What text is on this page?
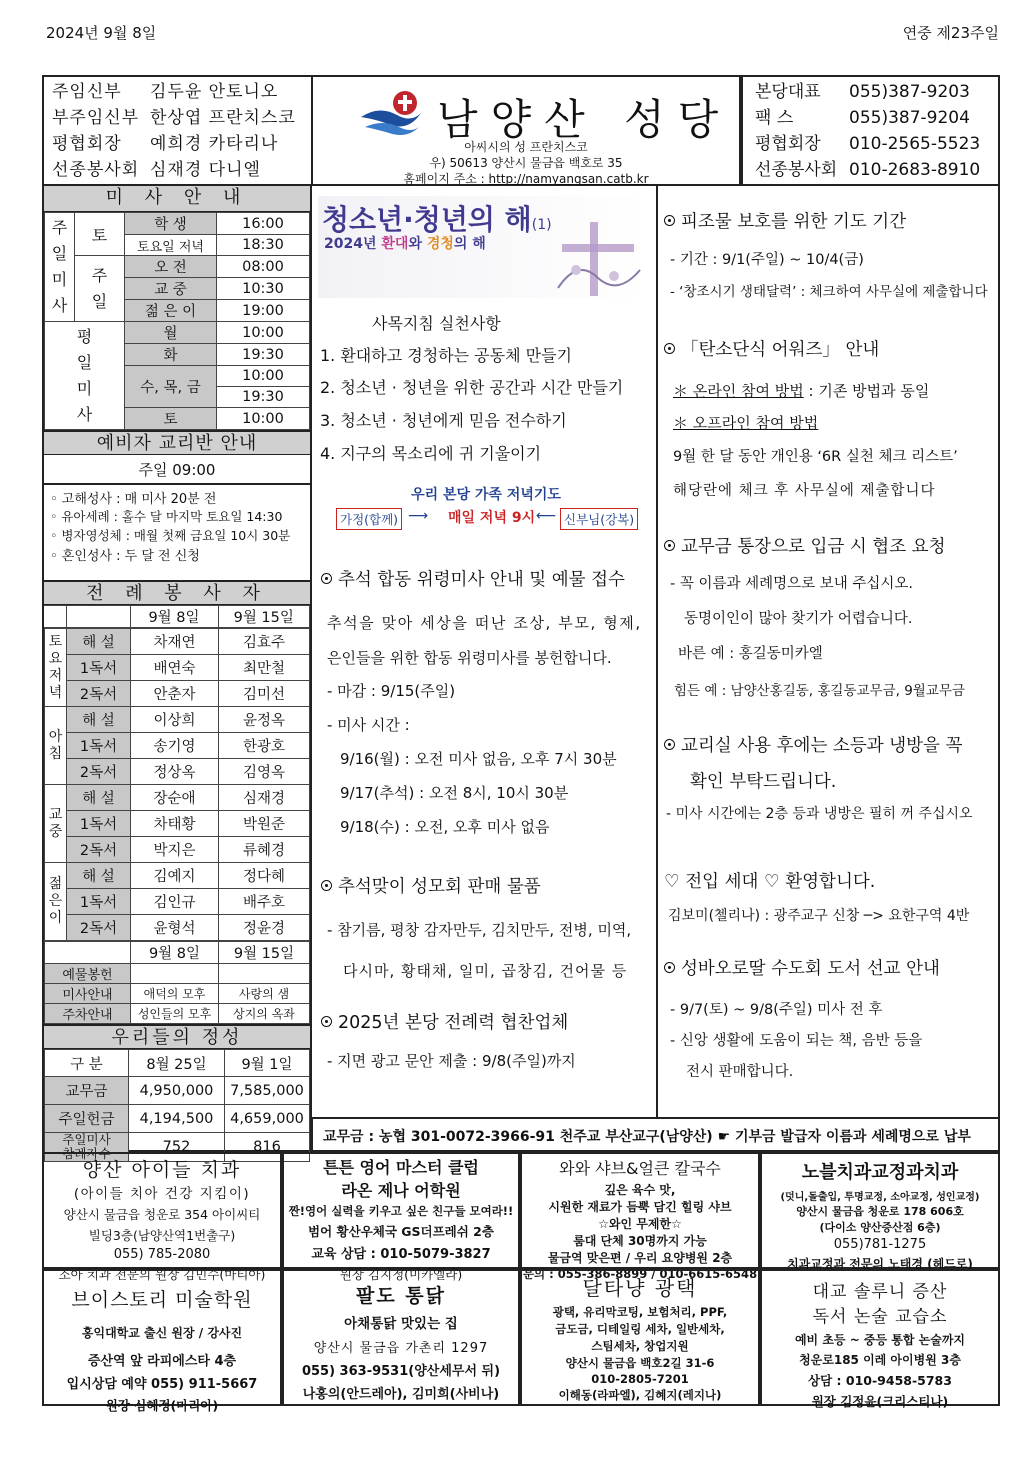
2024년 9월 8일	연중 제23주일
주임신부 김두윤 안토니오
부주임신부 한상엽 프란치스코
평협회장 예희경 카타리나
선종봉사회 심재경 다니엘
남양산 성당
아씨시의 성 프란치스코
우) 50613 양산시 물금읍 백호로 35
홈페이지 주소 : http://namyangsan.catb.kr
본당대표 055)387-9203
팩 스	055)387-9204
평협회장 010-2565-5523
선종봉사회 010-2683-8910
미 사 안 내
주일미사	토	학 생	16:00
		토요일 저녁	18:30
	주일	오 전	08:00
		교 중	10:30
		젊 은 이	19:00
평 일 미 사		월	10:00
		화	19:30
		수, 목, 금	10:00
			19:30
		토	10:00
예비자 교리반 안내
주일 09:00
◦ 고해성사 : 매 미사 20분 전
◦ 유아세례 : 홀수 달 마지막 토요일 14:30
◦ 병자영성체 : 매월 첫째 금요일 10시 30분
◦ 혼인성사 : 두 달 전 신청
전 례 봉 사 자
		9월 8일	9월 15일
토요저녁	해 설	차재연	김효주
	1독서	배연숙	최만철
	2독서	안춘자	김미선
아침	해 설	이상희	윤정옥
	1독서	송기영	한광호
	2독서	정상옥	김영옥
교중	해 설	장순애	심재경
	1독서	차태황	박원준
	2독서	박지은	류혜경
젊은이	해 설	김예지	정다혜
	1독서	김인규	배주호
	2독서	윤형석	정윤경
	9월 8일	9월 15일
예물봉헌		
미사안내	애덕의 모후	사랑의 샘
주차안내	성인들의 모후	상지의 옥좌
우리들의 정성
구 분	8월 25일	9월 1일
교무금	4,950,000	7,585,000
주일헌금	4,194,500	4,659,000
주일미사 참례자수	752	816
청소년·청년의 해(1)
2024년 환대와 경청의 해
사목지침 실천사항
1. 환대하고 경청하는 공동체 만들기
2. 청소년 · 청년을 위한 공간과 시간 만들기
3. 청소년 · 청년에게 믿음 전수하기
4. 지구의 목소리에 귀 기울이기
우리 본당 가족 저녁기도
가정(합께) ⟶ 매일 저녁 9시 ⟵ 신부님(강복)
추석 합동 위령미사 안내 및 예물 접수
추석을 맞아 세상을 떠난 조상, 부모, 형제,
은인들을 위한 합동 위령미사를 봉헌합니다.
- 마감 : 9/15(주일)
- 미사 시간 :
9/16(월) : 오전 미사 없음, 오후 7시 30분
9/17(추석) : 오전 8시, 10시 30분
9/18(수) : 오전, 오후 미사 없음
추석맞이 성모회 판매 물품
- 참기름, 평창 감자만두, 김치만두, 전병, 미역,
다시마, 황태채, 일미, 곱창김, 건어물 등
2025년 본당 전례력 협찬업체
- 지면 광고 문안 제출 : 9/8(주일)까지
피조물 보호를 위한 기도 기간
- 기간 : 9/1(주일) ~ 10/4(금)
- ‘창조시기 생태달력’ : 체크하여 사무실에 제출합니다
「탄소단식 어워즈」 안내
＊ 온라인 참여 방법 : 기존 방법과 동일
＊ 오프라인 참여 방법
9월 한 달 동안 개인용 ‘6R 실천 체크 리스트’
해당란에 체크 후 사무실에 제출합니다
교무금 통장으로 입금 시 협조 요청
- 꼭 이름과 세례명으로 보내 주십시오.
동명이인이 많아 찾기가 어렵습니다.
바른 예 : 홍길동미카엘
힘든 예 : 남양산홍길동, 홍길동교무금, 9월교무금
교리실 사용 후에는 소등과 냉방을 꼭
확인 부탁드립니다.
- 미사 시간에는 2층 등과 냉방은 필히 꺼 주십시오
♡ 전입 세대 ♡ 환영합니다.
김보미(첼리나) : 광주교구 신창 ─> 요한구역 4반
성바오로딸 수도회 도서 선교 안내
- 9/7(토) ~ 9/8(주일) 미사 전 후
- 신앙 생활에 도움이 되는 책, 음반 등을
전시 판매합니다.
교무금 : 농협 301-0072-3966-91 천주교 부산교구(남양산) ☛ 기부금 발급자 이름과 세례명으로 납부
양산 아이들 치과
(아이들 치아 건강 지킴이)
양산시 물금읍 청운로 354 아이씨티
빌딩3층(남양산역1번출구)
055) 785-2080
소아 치과 전문의 원장 김민수(마티아)
튼튼 영어 마스터 클럽
라온 제나 어학원
짠!영어 실력을 키우고 싶은 친구들 모여라!!
범어 황산우체국 GS더프레쉬 2층
교육 상담 : 010-5079-3827
원장 김지정(미카엘라)
와와 샤브&얼큰 칼국수
깊은 육수 맛,
시원한 재료가 듬뿍 담긴 힐링 샤브
☆와인 무제한☆
룸대 단체 30명까지 가능
물금역 맞은편 / 우리 요양병원 2층
문의 : 055-386-8899 / 010-6615-6548
노블치과교정과치과
(덧니,돌출입, 투명교정, 소아교정, 성인교정)
양산시 물금읍 청운로 178 606호
(다이소 양산증산점 6층)
055)781-1275
치과교정과 전문의 노태경 (헤드로)
브이스토리 미술학원
홍익대학교 출신 원장 / 강사진
증산역 앞 라피에스타 4층
입시상담 예약 055) 911-5667
원장 심혜정(마리아)
팔도 통닭
아채통닭 맛있는 집
양산시 물금읍 가촌리 1297
055) 363-9531(양산세무서 뒤)
나홍의(안드레아), 김미희(사비나)
달타냥 광택
광택, 유리막코팅, 보험처리, PPF,
금도금, 디테일링 세차, 일반세차,
스팀세차, 창업지원
양산시 물금읍 백호2길 31-6
010-2805-7201
이해동(라파엘), 김혜지(레지나)
대교 솔루니 증산
독서 논술 교습소
예비 초등 ~ 중등 통합 논술까지
청운로185 이레 아이병원 3층
상담 : 010-9458-5783
원장 김정윤(크리스티나)
